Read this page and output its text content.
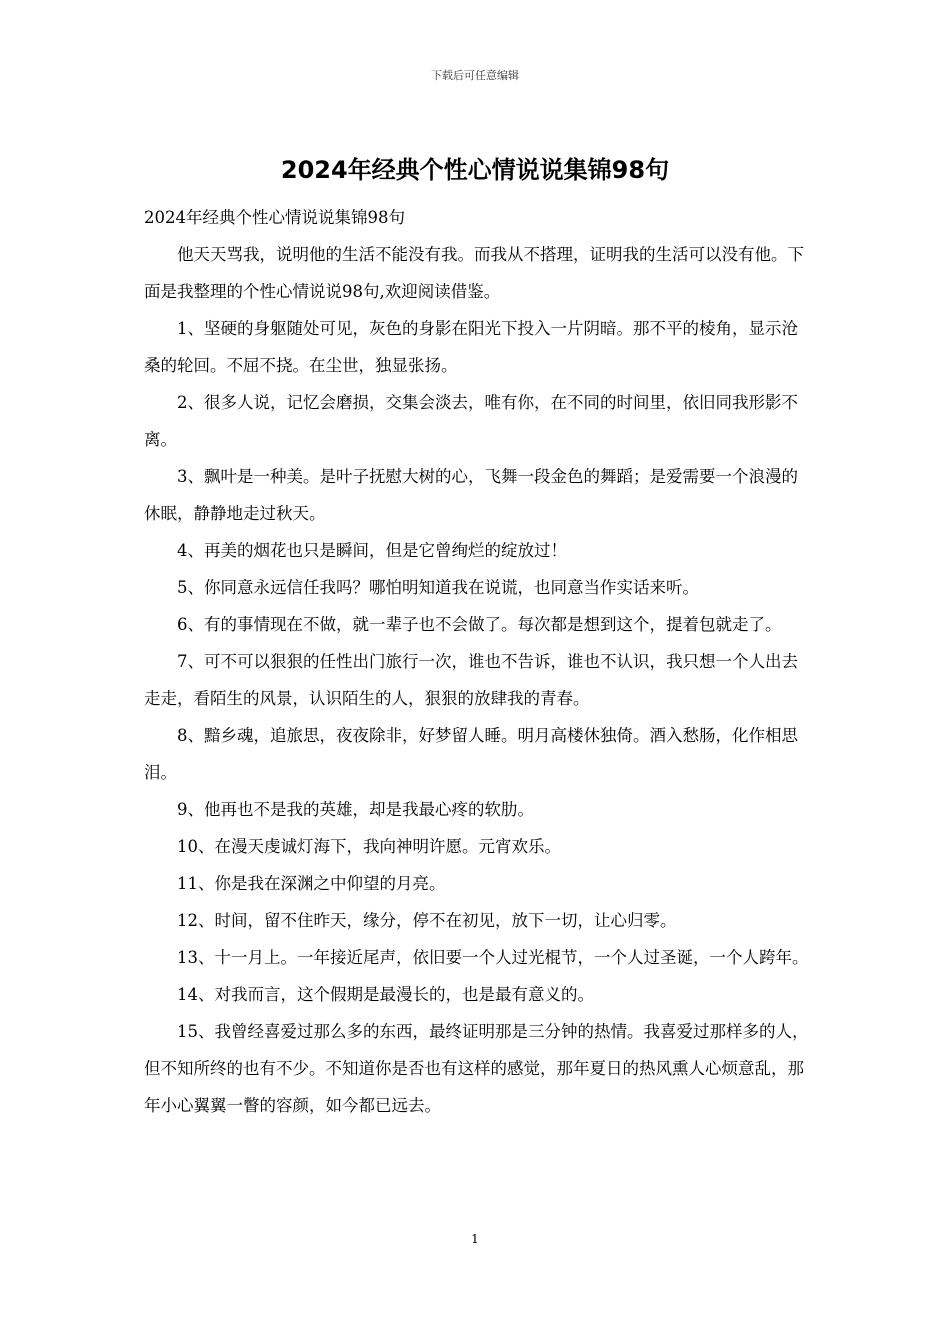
下载后可任意编辑
2024年经典个性心情说说集锦98句

2024年经典个性心情说说集锦98句

他天天骂我，说明他的生活不能没有我。而我从不搭理，证明我的生活可以没有他。下面是我整理的个性心情说说98句,欢迎阅读借鉴。

1、坚硬的身躯随处可见，灰色的身影在阳光下投入一片阴暗。那不平的棱角，显示沧桑的轮回。不屈不挠。在尘世，独显张扬。

2、很多人说，记忆会磨损，交集会淡去，唯有你，在不同的时间里，依旧同我形影不离。

3、飘叶是一种美。是叶子抚慰大树的心，飞舞一段金色的舞蹈；是爱需要一个浪漫的休眠，静静地走过秋天。

4、再美的烟花也只是瞬间，但是它曾绚烂的绽放过！

5、你同意永远信任我吗？哪怕明知道我在说谎，也同意当作实话来听。

6、有的事情现在不做，就一辈子也不会做了。每次都是想到这个，提着包就走了。

7、可不可以狠狠的任性出门旅行一次，谁也不告诉，谁也不认识，我只想一个人出去走走，看陌生的风景，认识陌生的人，狠狠的放肆我的青春。

8、黯乡魂，追旅思，夜夜除非，好梦留人睡。明月高楼休独倚。酒入愁肠，化作相思泪。

9、他再也不是我的英雄，却是我最心疼的软肋。

10、在漫天虔诚灯海下，我向神明许愿。元宵欢乐。

11、你是我在深渊之中仰望的月亮。

12、时间，留不住昨天，缘分，停不在初见，放下一切，让心归零。

13、十一月上。一年接近尾声，依旧要一个人过光棍节，一个人过圣诞，一个人跨年。

14、对我而言，这个假期是最漫长的，也是最有意义的。

15、我曾经喜爱过那么多的东西，最终证明那是三分钟的热情。我喜爱过那样多的人，但不知所终的也有不少。不知道你是否也有这样的感觉，那年夏日的热风熏人心烦意乱，那年小心翼翼一瞥的容颜，如今都已远去。

1
